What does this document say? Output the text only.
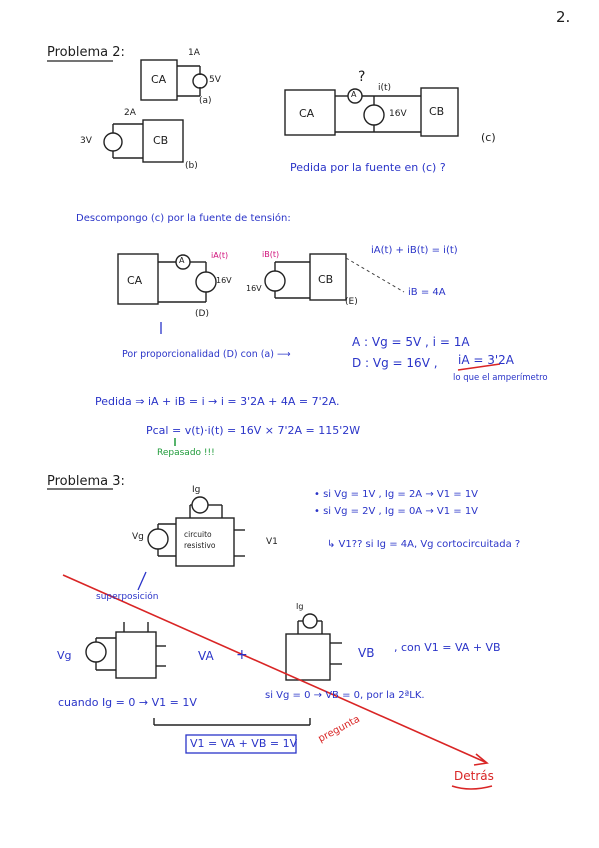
2.
Problema 2:
CA
1A
5V
(a)
CB
2A
3V
(b)
CA	CB
?
A
i(t)
16V
(c)
Pedida por la fuente en (c) ?
Descompongo (c) por la fuente de tensión:
CA
A
iA(t)
16V
(D)
CB
iB(t)
16V
(E)
iA(t) + iB(t) = i(t)
iB = 4A
Por proporcionalidad (D) con (a) ⟶
A : Vg = 5V , i = 1A
D : Vg = 16V , iA = 3'2A
lo que el amperímetro
Pedida ⇒ iA + iB = i → i = 3'2A + 4A = 7'2A.
Pcal = v(t)·i(t) = 16V × 7'2A = 115'2W
Repasado !!!
Problema 3:
Ig
Vg	circuito
resistivo	V1
• si Vg = 1V , Ig = 2A → V1 = 1V
• si Vg = 2V , Ig = 0A → V1 = 1V
↳ V1?? si Ig = 4A, Vg cortocircuitada ?
superposición
Vg	VA +
Ig
VB , con V1 = VA + VB
cuando Ig = 0 → V1 = 1V
si Vg = 0 → VB = 0, por la 2ªLK.
V1 = VA + VB = 1V pregunta
Detrás
